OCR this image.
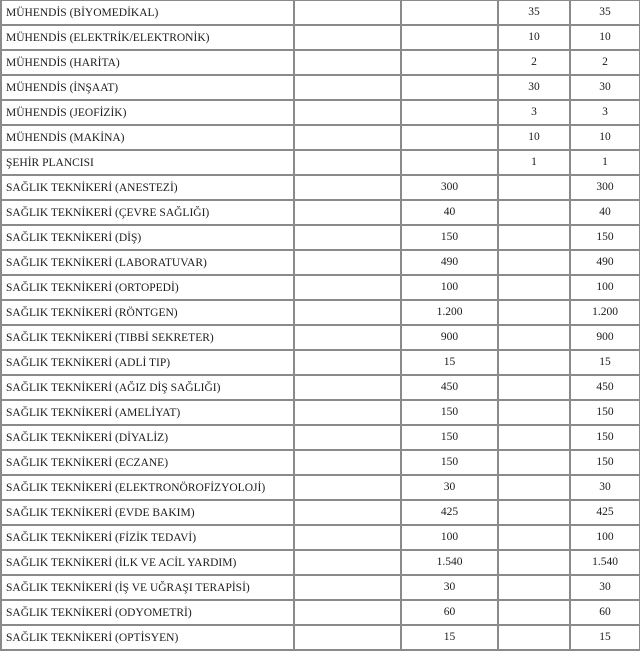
MÜHENDİS (BİYOMEDİKAL)			35	35
MÜHENDİS (ELEKTRİK/ELEKTRONİK)			10	10
MÜHENDİS (HARİTA)			2	2
MÜHENDİS (İNŞAAT)			30	30
MÜHENDİS (JEOFİZİK)			3	3
MÜHENDİS (MAKİNA)			10	10
ŞEHİR PLANCISI			1	1
SAĞLIK TEKNİKERİ (ANESTEZİ)		300		300
SAĞLIK TEKNİKERİ (ÇEVRE SAĞLIĞI)		40		40
SAĞLIK TEKNİKERİ (DİŞ)		150		150
SAĞLIK TEKNİKERİ (LABORATUVAR)		490		490
SAĞLIK TEKNİKERİ (ORTOPEDİ)		100		100
SAĞLIK TEKNİKERİ (RÖNTGEN)		1.200		1.200
SAĞLIK TEKNİKERİ (TIBBİ SEKRETER)		900		900
SAĞLIK TEKNİKERİ (ADLİ TIP)		15		15
SAĞLIK TEKNİKERİ (AĞIZ DİŞ SAĞLIĞI)		450		450
SAĞLIK TEKNİKERİ (AMELİYAT)		150		150
SAĞLIK TEKNİKERİ (DİYALİZ)		150		150
SAĞLIK TEKNİKERİ (ECZANE)		150		150
SAĞLIK TEKNİKERİ (ELEKTRONÖROFİZYOLOJİ)		30		30
SAĞLIK TEKNİKERİ (EVDE BAKIM)		425		425
SAĞLIK TEKNİKERİ (FİZİK TEDAVİ)		100		100
SAĞLIK TEKNİKERİ (İLK VE ACİL YARDIM)		1.540		1.540
SAĞLIK TEKNİKERİ (İŞ VE UĞRAŞI TERAPİSİ)		30		30
SAĞLIK TEKNİKERİ (ODYOMETRİ)		60		60
SAĞLIK TEKNİKERİ (OPTİSYEN)		15		15
